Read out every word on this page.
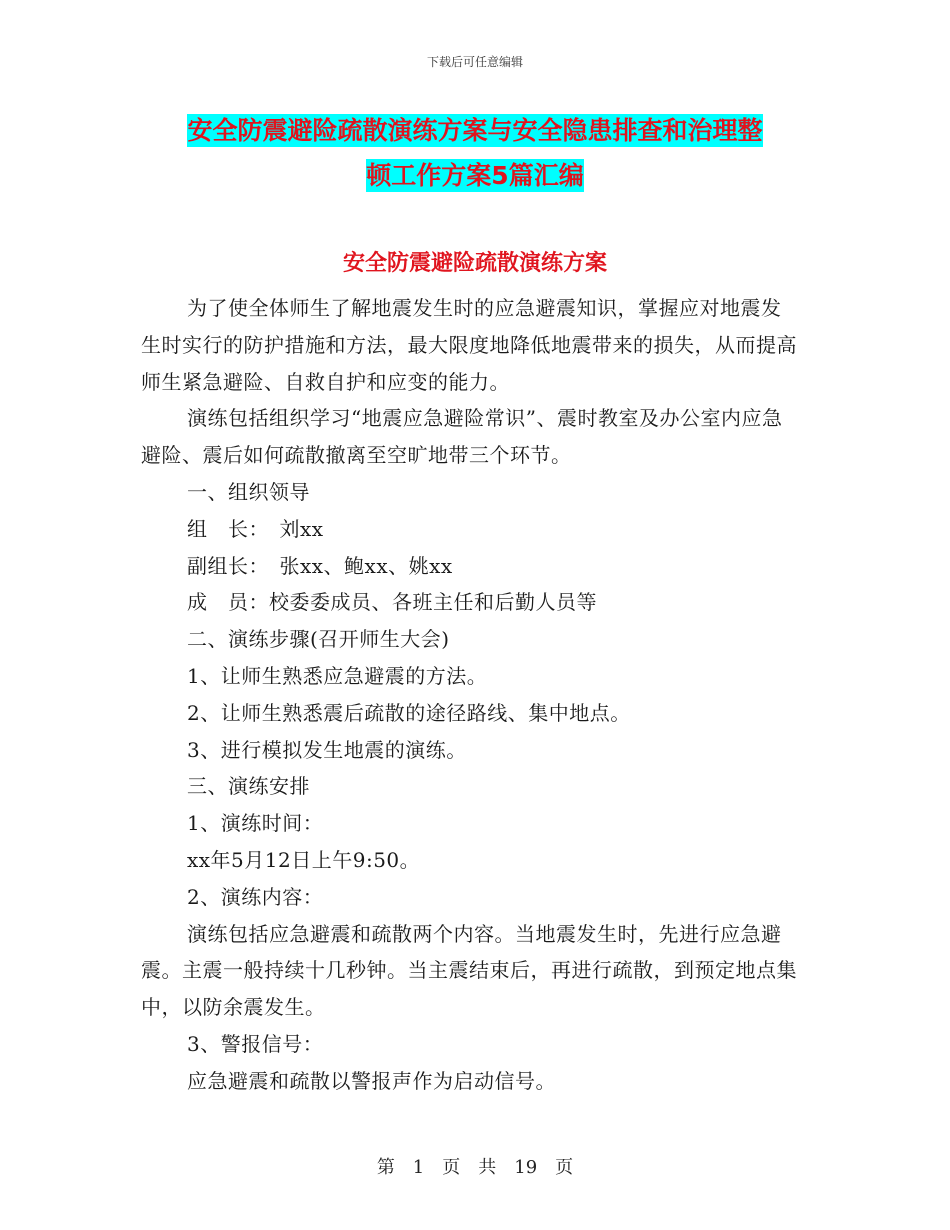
下载后可任意编辑
安全防震避险疏散演练方案与安全隐患排查和治理整
顿工作方案5篇汇编
安全防震避险疏散演练方案

为了使全体师生了解地震发生时的应急避震知识，掌握应对地震发生时实行的防护措施和方法，最大限度地降低地震带来的损失，从而提高师生紧急避险、自救自护和应变的能力。

演练包括组织学习“地震应急避险常识”、震时教室及办公室内应急避险、震后如何疏散撤离至空旷地带三个环节。

一、组织领导

组　长：　刘xx

副组长：　张xx、鲍xx、姚xx

成　员：校委委成员、各班主任和后勤人员等

二、演练步骤(召开师生大会)

1、让师生熟悉应急避震的方法。

2、让师生熟悉震后疏散的途径路线、集中地点。

3、进行模拟发生地震的演练。

三、演练安排

1、演练时间：

xx年5月12日上午9:50。

2、演练内容：

演练包括应急避震和疏散两个内容。当地震发生时，先进行应急避震。主震一般持续十几秒钟。当主震结束后，再进行疏散，到预定地点集中，以防余震发生。

3、警报信号：

应急避震和疏散以警报声作为启动信号。

第　1　页　共　19　页
